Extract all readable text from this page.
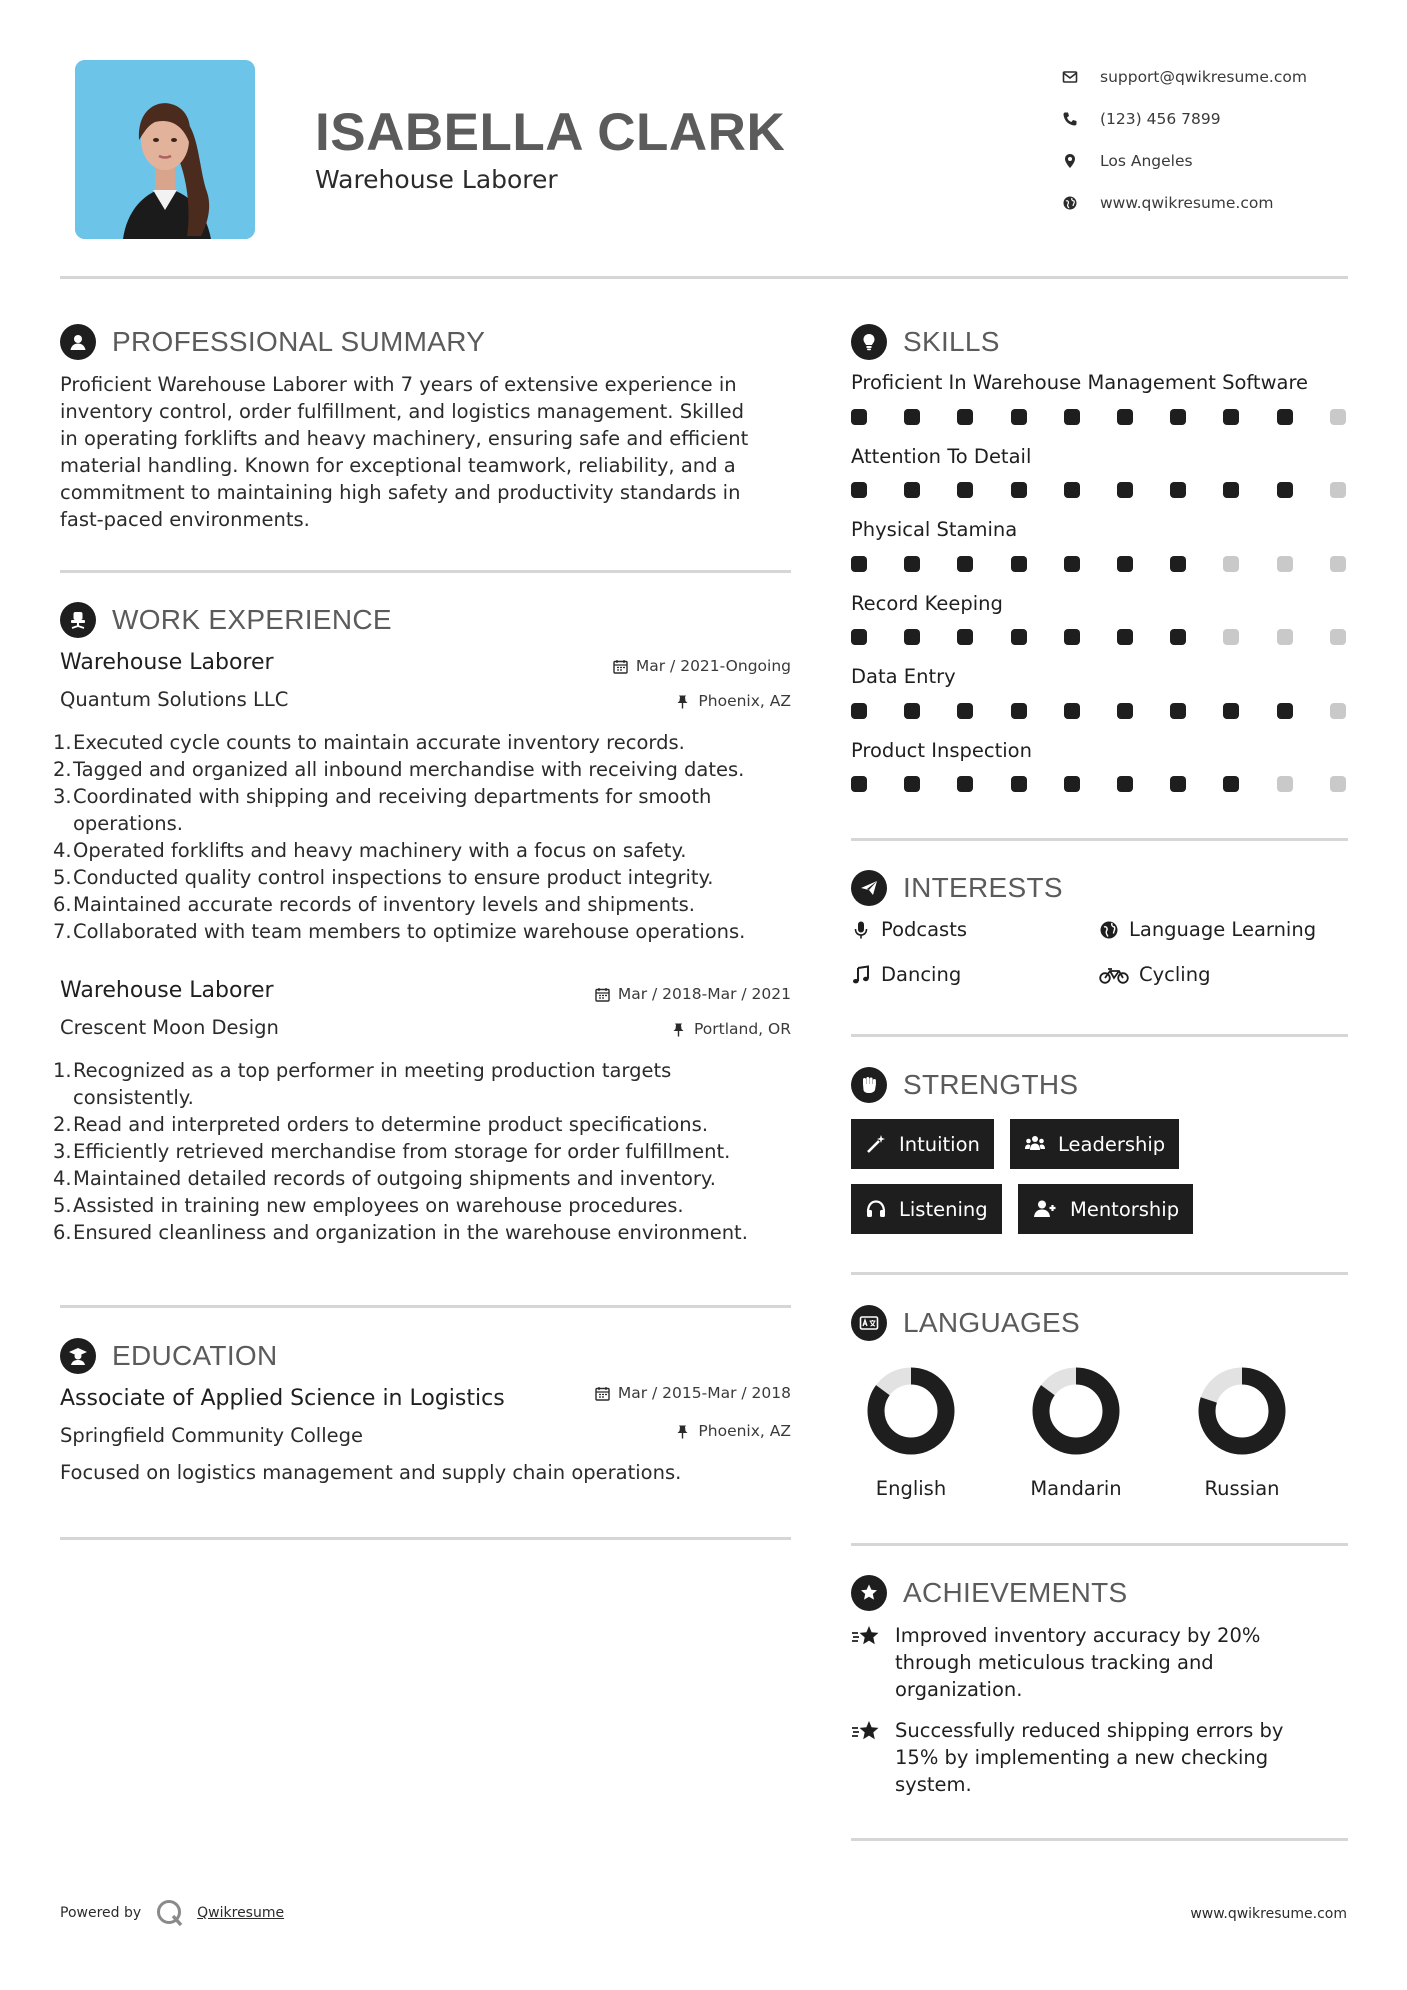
ISABELLA CLARK
Warehouse Laborer
support@qwikresume.com
(123) 456 7899
Los Angeles
www.qwikresume.com
PROFESSIONAL SUMMARY
Proficient Warehouse Laborer with 7 years of extensive experience in
inventory control, order fulfillment, and logistics management. Skilled
in operating forklifts and heavy machinery, ensuring safe and efficient
material handling. Known for exceptional teamwork, reliability, and a
commitment to maintaining high safety and productivity standards in
fast-paced environments.
WORK EXPERIENCE
Warehouse Laborer	Mar / 2021-Ongoing
Quantum Solutions LLC	Phoenix, AZ
1. Executed cycle counts to maintain accurate inventory records.
2. Tagged and organized all inbound merchandise with receiving dates.
3. Coordinated with shipping and receiving departments for smooth
operations.
4. Operated forklifts and heavy machinery with a focus on safety.
5. Conducted quality control inspections to ensure product integrity.
6. Maintained accurate records of inventory levels and shipments.
7. Collaborated with team members to optimize warehouse operations.
Warehouse Laborer	Mar / 2018-Mar / 2021
Crescent Moon Design	Portland, OR
1. Recognized as a top performer in meeting production targets
consistently.
2. Read and interpreted orders to determine product specifications.
3. Efficiently retrieved merchandise from storage for order fulfillment.
4. Maintained detailed records of outgoing shipments and inventory.
5. Assisted in training new employees on warehouse procedures.
6. Ensured cleanliness and organization in the warehouse environment.
EDUCATION
Associate of Applied Science in Logistics	Mar / 2015-Mar / 2018
Springfield Community College	Phoenix, AZ
Focused on logistics management and supply chain operations.
SKILLS
Proficient In Warehouse Management Software
Attention To Detail
Physical Stamina
Record Keeping
Data Entry
Product Inspection
INTERESTS
Podcasts	Language Learning
Dancing	Cycling
STRENGTHS
Intuition	Leadership
Listening	Mentorship
LANGUAGES
English	Mandarin	Russian
ACHIEVEMENTS
Improved inventory accuracy by 20%
through meticulous tracking and
organization.
Successfully reduced shipping errors by
15% by implementing a new checking
system.
Powered by	Qwikresume	www.qwikresume.com
